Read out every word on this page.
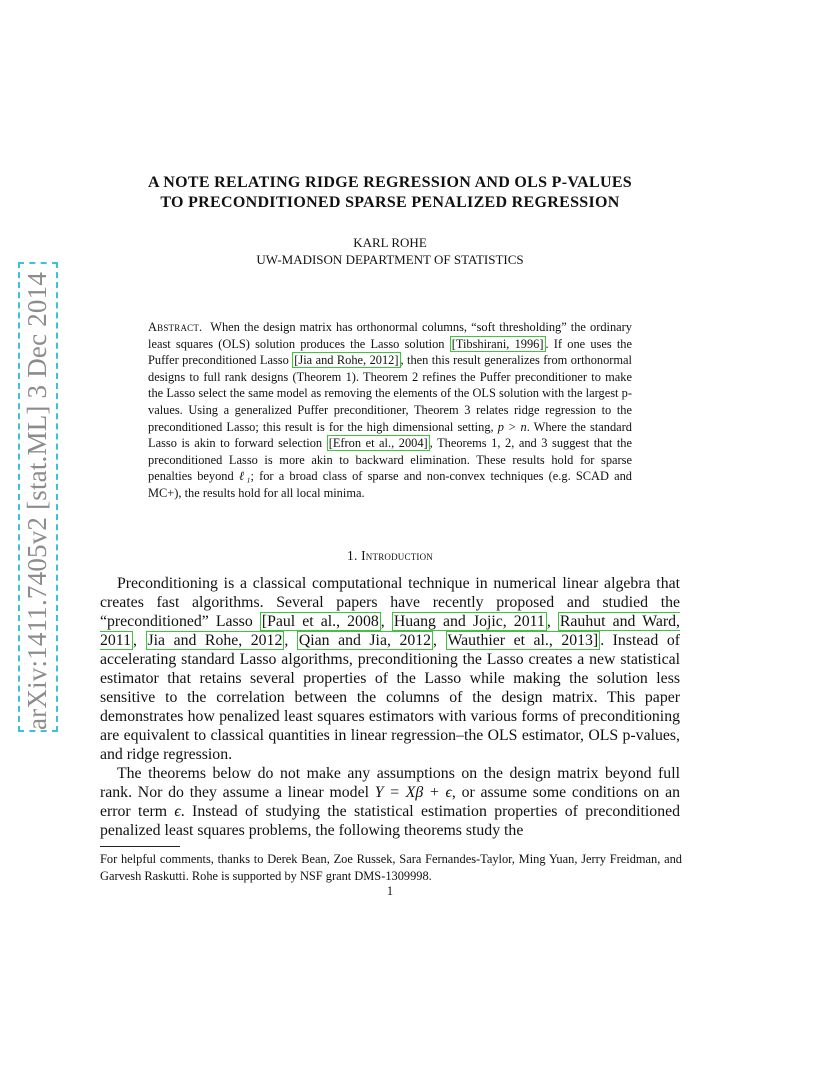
arXiv:1411.7405v2 [stat.ML] 3 Dec 2014
A NOTE RELATING RIDGE REGRESSION AND OLS P-VALUES
TO PRECONDITIONED SPARSE PENALIZED REGRESSION
KARL ROHE
UW-MADISON DEPARTMENT OF STATISTICS
Abstract. When the design matrix has orthonormal columns, “soft thresholding” the ordinary least squares (OLS) solution produces the Lasso solution [Tibshirani, 1996] . If one uses the Puffer preconditioned Lasso [Jia and Rohe, 2012] , then this result generalizes from orthonormal designs to full rank designs (Theorem 1). Theorem 2 refines the Puffer preconditioner to make the Lasso select the same model as removing the elements of the OLS solution with the largest p-values. Using a generalized Puffer preconditioner, Theorem 3 relates ridge regression to the preconditioned Lasso; this result is for the high dimensional setting, p > n. Where the standard Lasso is akin to forward selection [Efron et al., 2004] , Theorems 1, 2, and 3 suggest that the preconditioned Lasso is more akin to backward elimination. These results hold for sparse penalties beyond ℓ₁; for a broad class of sparse and non-convex techniques (e.g. SCAD and MC+), the results hold for all local minima.
1. Introduction

Preconditioning is a classical computational technique in numerical linear algebra that creates fast algorithms. Several papers have recently proposed and studied the “preconditioned” Lasso [Paul et al., 2008 , Huang and Jojic, 2011 , Rauhut and Ward, 2011 , Jia and Rohe, 2012 , Qian and Jia, 2012 , Wauthier et al., 2013] . Instead of accelerating standard Lasso algorithms, preconditioning the Lasso creates a new statistical estimator that retains several properties of the Lasso while making the solution less sensitive to the correlation between the columns of the design matrix. This paper demonstrates how penalized least squares estimators with various forms of preconditioning are equivalent to classical quantities in linear regression–the OLS estimator, OLS p-values, and ridge regression.

The theorems below do not make any assumptions on the design matrix beyond full rank. Nor do they assume a linear model Y = Xβ + ϵ, or assume some conditions on an error term ϵ. Instead of studying the statistical estimation properties of preconditioned penalized least squares problems, the following theorems study the

For helpful comments, thanks to Derek Bean, Zoe Russek, Sara Fernandes-Taylor, Ming Yuan, Jerry Freidman, and Garvesh Raskutti. Rohe is supported by NSF grant DMS-1309998.
1
